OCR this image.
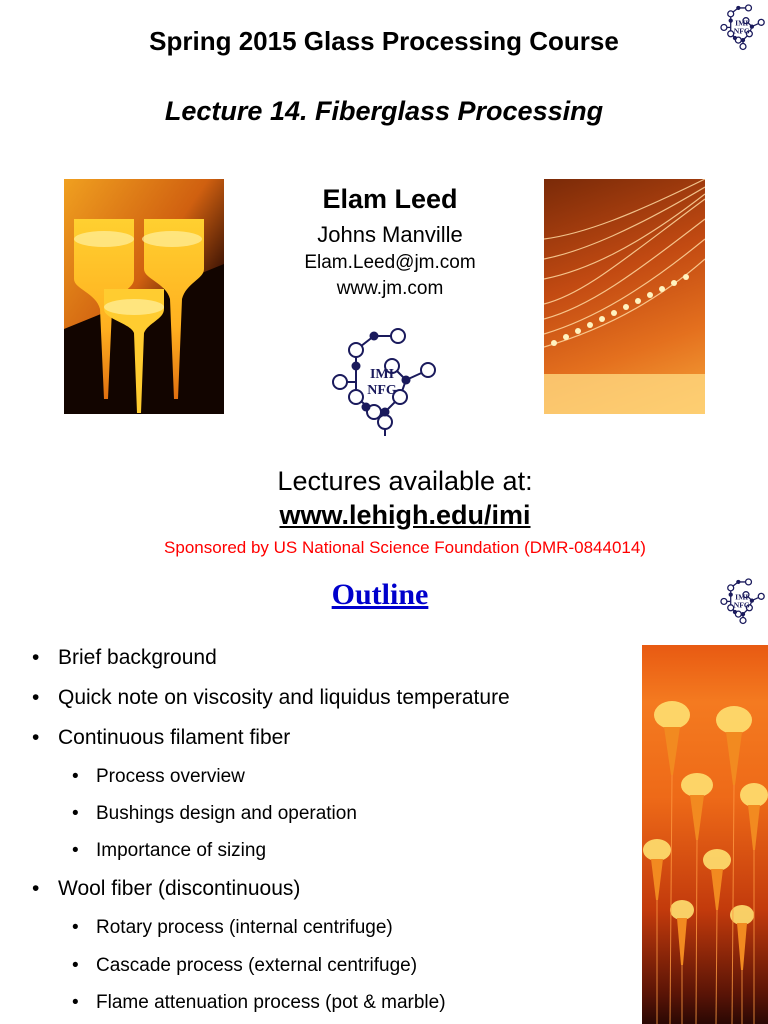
Spring 2015 Glass Processing Course
Lecture 14. Fiberglass Processing
IMI
NFG
Elam Leed
Johns Manville
Elam.Leed@jm.com
www.jm.com
IMI
NFG
Lectures available at:
www.lehigh.edu/imi
Sponsored by US National Science Foundation (DMR-0844014)
Outline	IMI
NFG
• Brief background
• Quick note on viscosity and liquidus temperature
• Continuous filament fiber
• Process overview
• Bushings design and operation
• Importance of sizing
• Wool fiber (discontinuous)
• Rotary process (internal centrifuge)
• Cascade process (external centrifuge)
• Flame attenuation process (pot & marble)
